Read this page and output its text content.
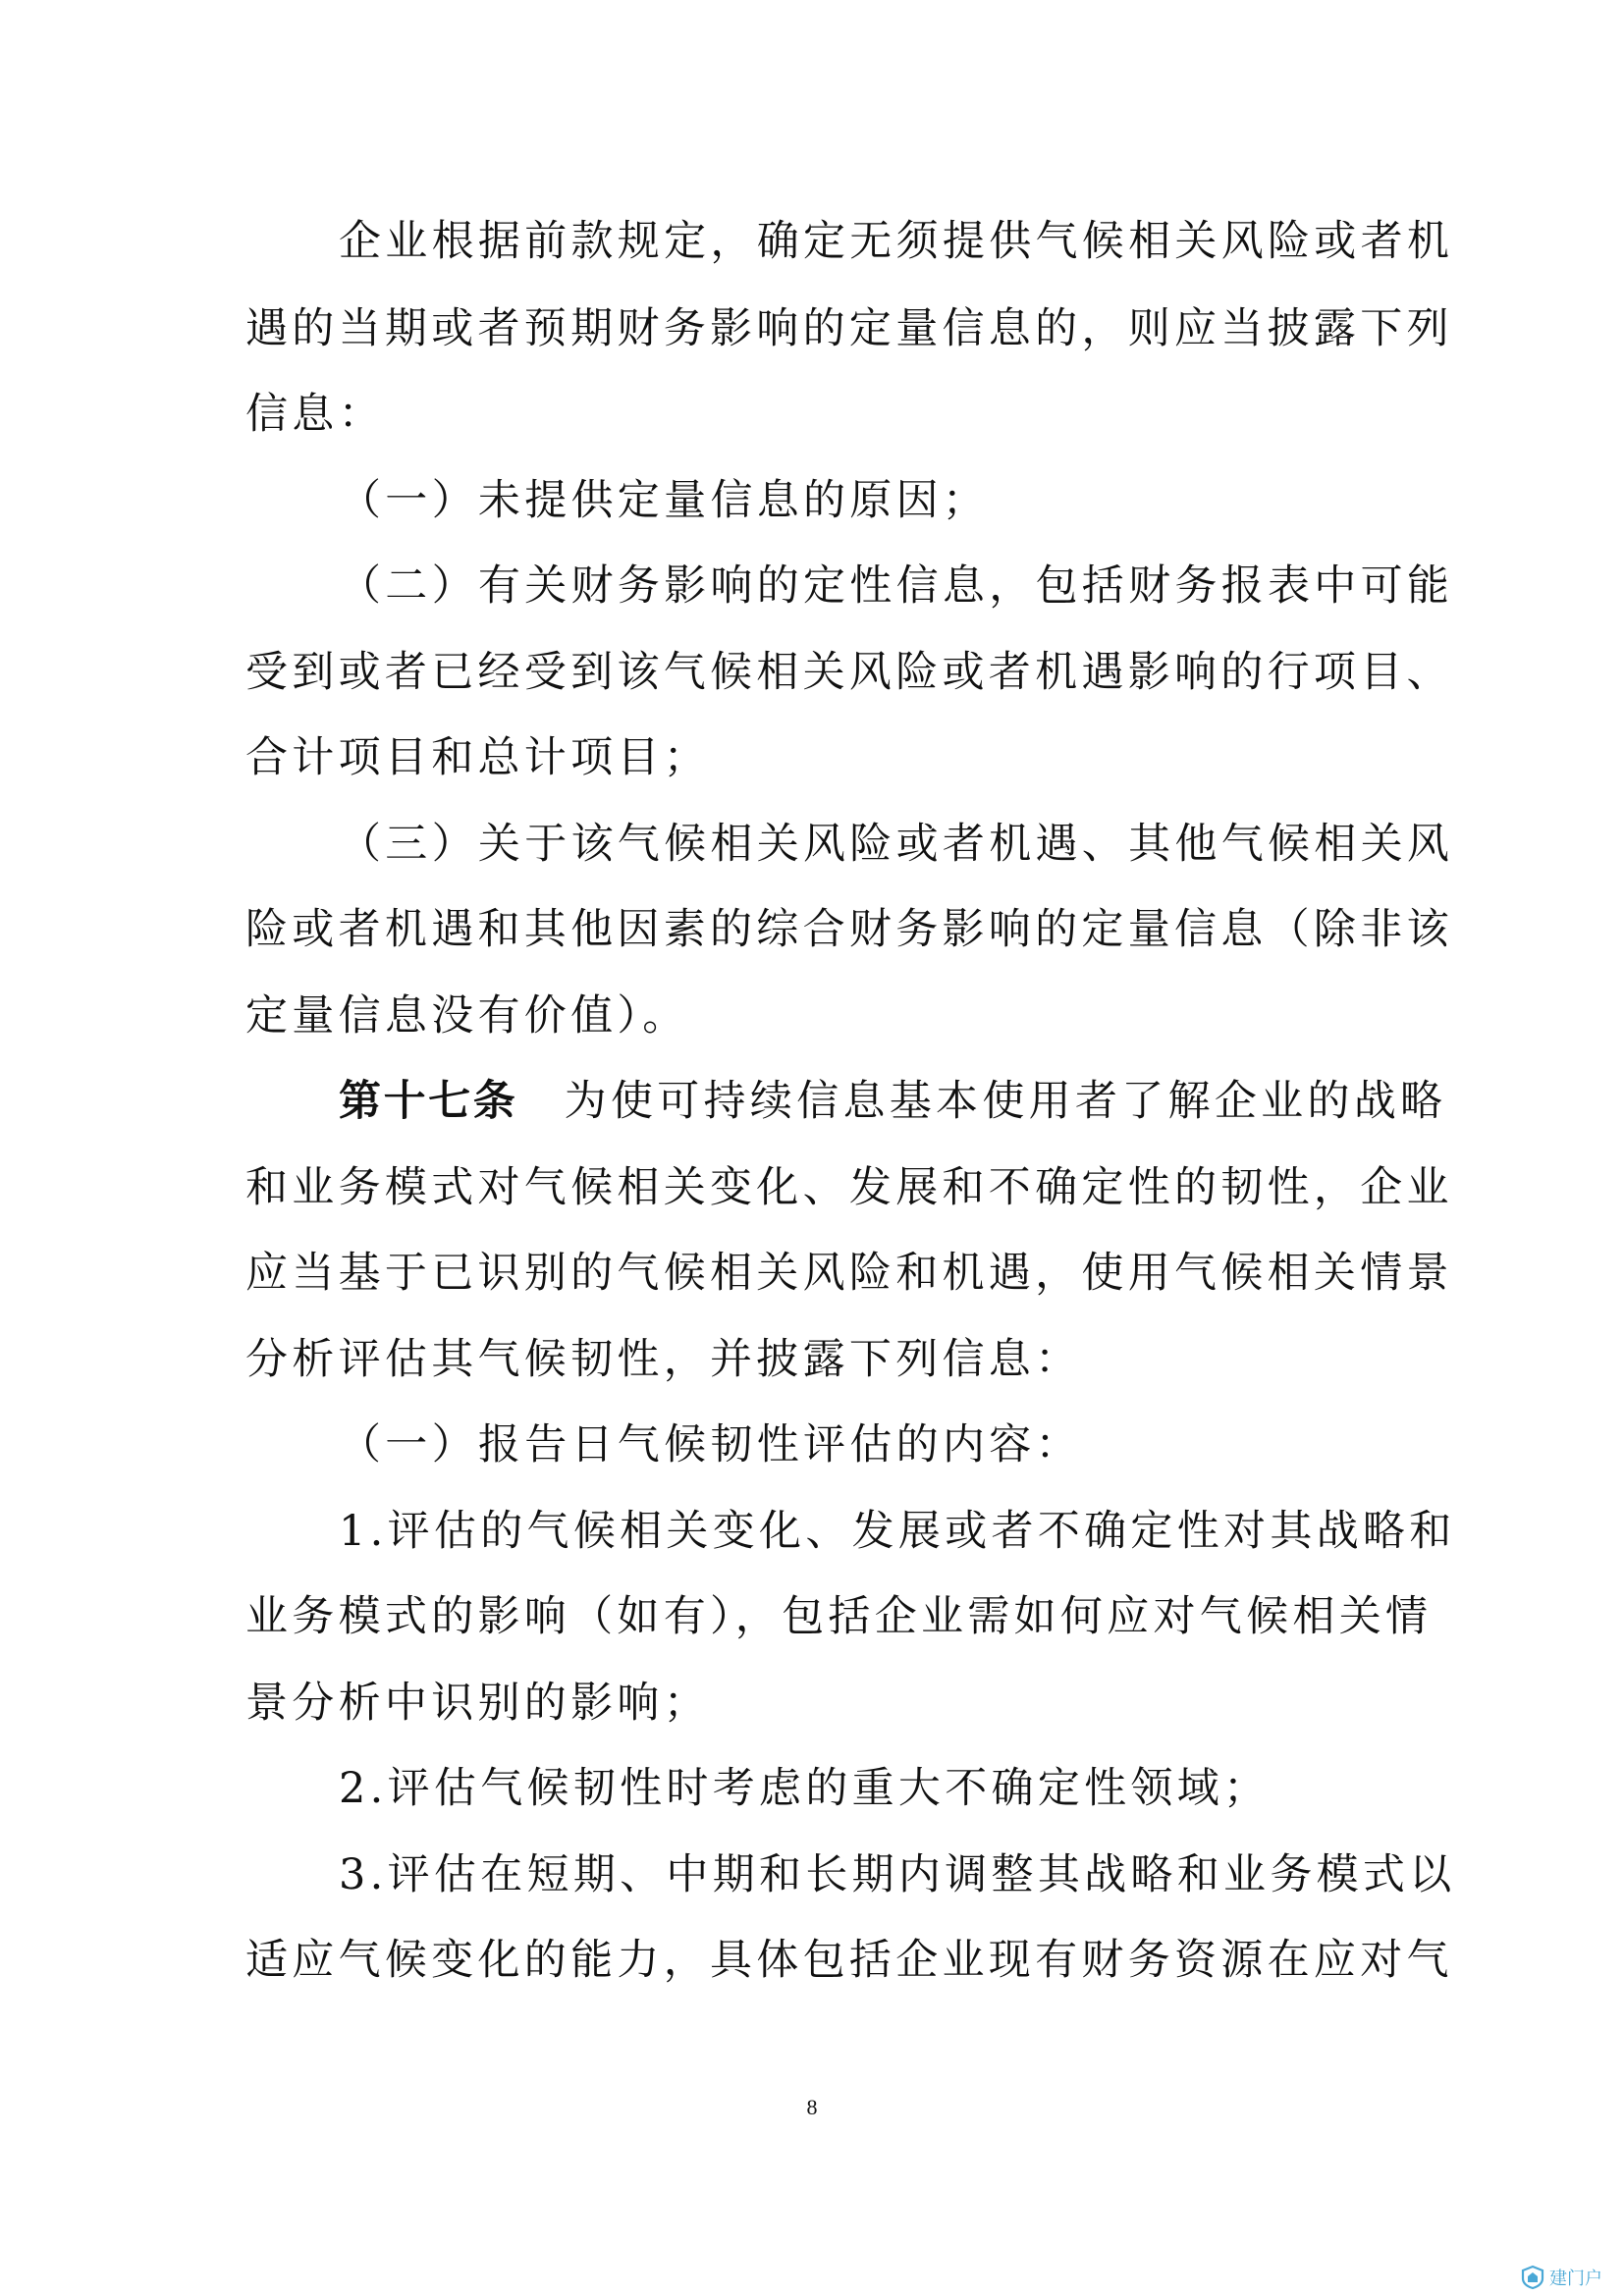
企业根据前款规定，确定无须提供气候相关风险或者机
遇的当期或者预期财务影响的定量信息的，则应当披露下列
信息：
（一）未提供定量信息的原因；
（二）有关财务影响的定性信息，包括财务报表中可能
受到或者已经受到该气候相关风险或者机遇影响的行项目、
合计项目和总计项目；
（三）关于该气候相关风险或者机遇、其他气候相关风
险或者机遇和其他因素的综合财务影响的定量信息（除非该
定量信息没有价值）。
第十七条　 为使可持续信息基本使用者了解企业的战略
和业务模式对气候相关变化、发展和不确定性的韧性，企业
应当基于已识别的气候相关风险和机遇，使用气候相关情景
分析评估其气候韧性，并披露下列信息：
（一）报告日气候韧性评估的内容：
1.评估的气候相关变化、发展或者不确定性对其战略和
业务模式的影响（如有），包括企业需如何应对气候相关情
景分析中识别的影响；
2.评估气候韧性时考虑的重大不确定性领域；
3.评估在短期、中期和长期内调整其战略和业务模式以
适应气候变化的能力，具体包括企业现有财务资源在应对气
8
建门户
